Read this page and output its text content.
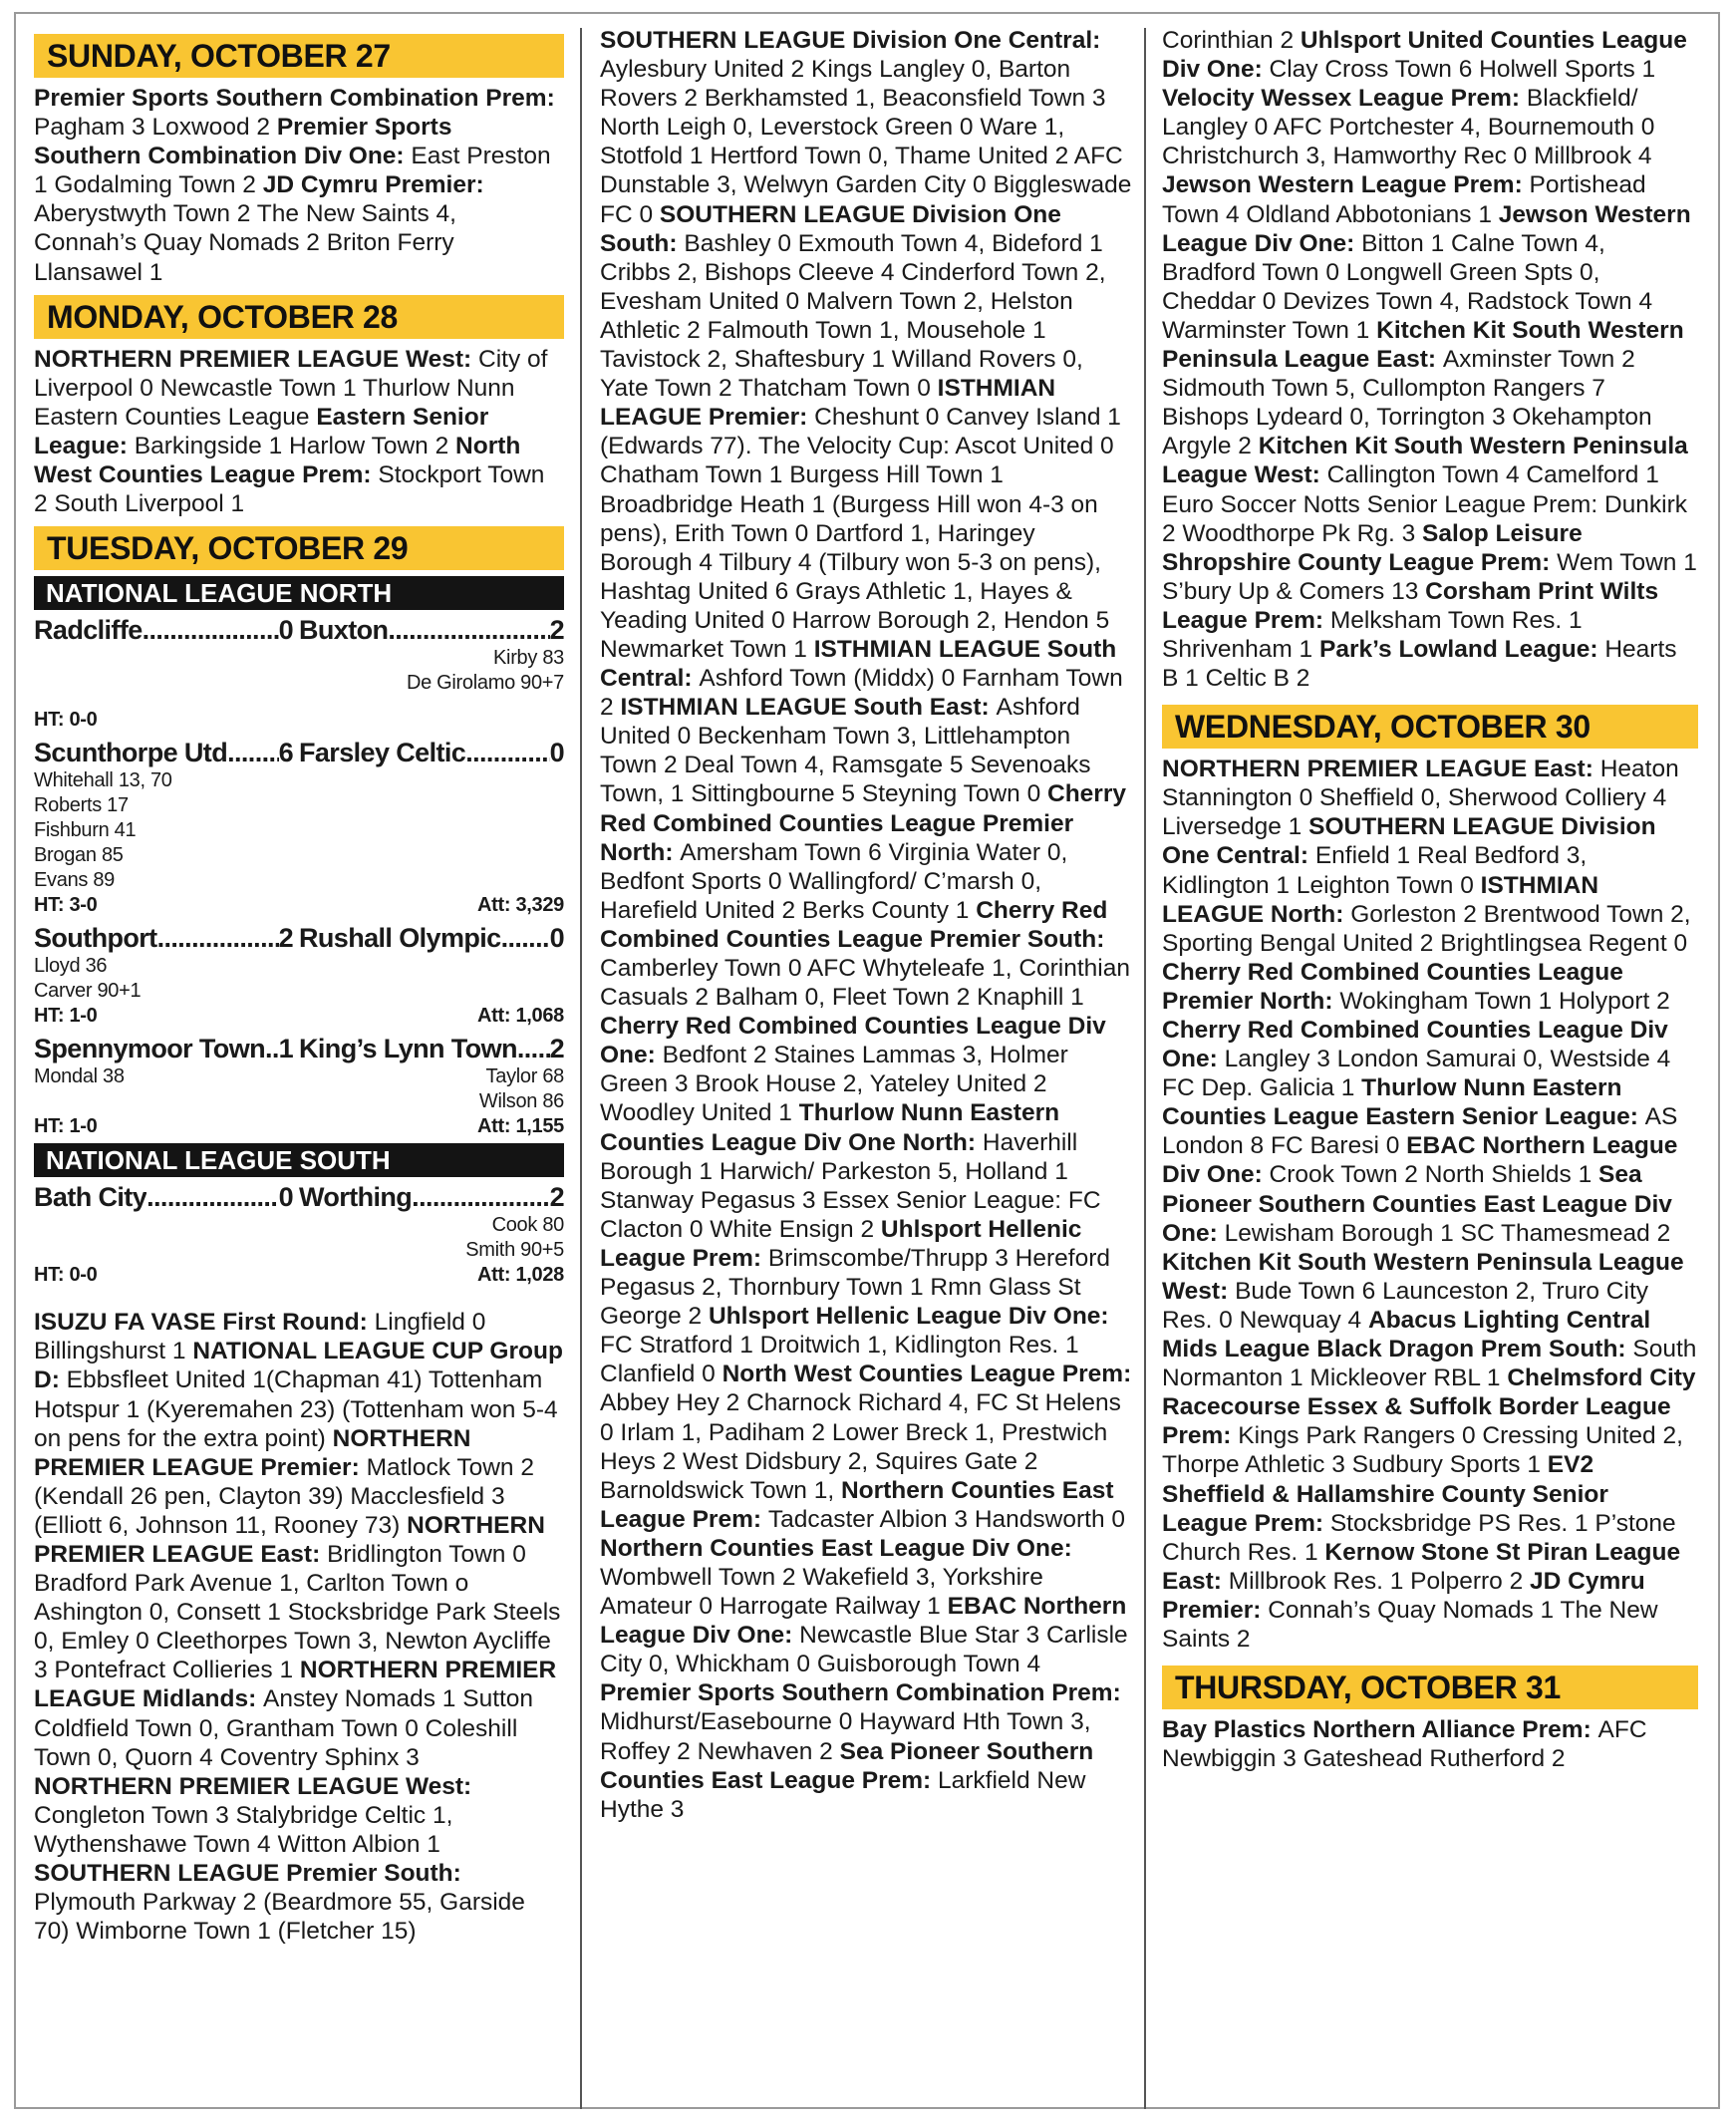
SUNDAY, OCTOBER 27

Premier Sports Southern Combination Prem: Pagham 3 Loxwood 2 Premier Sports Southern Combination Div One: East Preston 1 Godalming Town 2 JD Cymru Premier: Aberystwyth Town 2 The New Saints 4, Connah’s Quay Nomads 2 Briton Ferry Llansawel 1

MONDAY, OCTOBER 28

NORTHERN PREMIER LEAGUE West: City of Liverpool 0 Newcastle Town 1 Thurlow Nunn Eastern Counties League Eastern Senior League: Barkingside 1 Harlow Town 2 North West Counties League Prem: Stockport Town 2 South Liverpool 1

TUESDAY, OCTOBER 29
NATIONAL LEAGUE NORTH
Radcliffe .....	0 Buxton .....	2
Kirby 83
De Girolamo 90+7
HT: 0-0
Scunthorpe Utd ..... 6 Farsley Celtic .....	0
Whitehall 13, 70
Roberts 17
Fishburn 41
Brogan 85
Evans 89
HT: 3-0	Att: 3,329
Southport .....	2 Rushall Olympic ..... 0
Lloyd 36
Carver 90+1
HT: 1-0	Att: 1,068
Spennymoor Town ..... 1 King’s Lynn Town ..... 2
Mondal 38	Taylor 68
Wilson 86
HT: 1-0	Att: 1,155
NATIONAL LEAGUE SOUTH
Bath City .....	0 Worthing .....	2
Cook 80
Smith 90+5
HT: 0-0	Att: 1,028

ISUZU FA VASE First Round: Lingfield 0 Billingshurst 1 NATIONAL LEAGUE CUP Group D: Ebbsfleet United 1(Chapman 41) Tottenham Hotspur 1 (Kyeremahen 23) (Tottenham won 5-4 on pens for the extra point) NORTHERN PREMIER LEAGUE Premier: Matlock Town 2 (Kendall 26 pen, Clayton 39) Macclesfield 3 (Elliott 6, Johnson 11, Rooney 73) NORTHERN PREMIER LEAGUE East: Bridlington Town 0 Bradford Park Avenue 1, Carlton Town o Ashington 0, Consett 1 Stocksbridge Park Steels 0, Emley 0 Cleethorpes Town 3, Newton Aycliffe 3 Pontefract Collieries 1 NORTHERN PREMIER LEAGUE Midlands: Anstey Nomads 1 Sutton Coldfield Town 0, Grantham Town 0 Coleshill Town 0, Quorn 4 Coventry Sphinx 3 NORTHERN PREMIER LEAGUE West: Congleton Town 3 Stalybridge Celtic 1, Wythenshawe Town 4 Witton Albion 1 SOUTHERN LEAGUE Premier South: Plymouth Parkway 2 (Beardmore 55, Garside 70) Wimborne Town 1 (Fletcher 15)

SOUTHERN LEAGUE Division One Central: Aylesbury United 2 Kings Langley 0, Barton Rovers 2 Berkhamsted 1, Beaconsfield Town 3 North Leigh 0, Leverstock Green 0 Ware 1, Stotfold 1 Hertford Town 0, Thame United 2 AFC Dunstable 3, Welwyn Garden City 0 Biggleswade FC 0 SOUTHERN LEAGUE Division One South: Bashley 0 Exmouth Town 4, Bideford 1 Cribbs 2, Bishops Cleeve 4 Cinderford Town 2, Evesham United 0 Malvern Town 2, Helston Athletic 2 Falmouth Town 1, Mousehole 1 Tavistock 2, Shaftesbury 1 Willand Rovers 0, Yate Town 2 Thatcham Town 0 ISTHMIAN LEAGUE Premier: Cheshunt 0 Canvey Island 1 (Edwards 77). The Velocity Cup: Ascot United 0 Chatham Town 1 Burgess Hill Town 1 Broadbridge Heath 1 (Burgess Hill won 4-3 on pens), Erith Town 0 Dartford 1, Haringey Borough 4 Tilbury 4 (Tilbury won 5-3 on pens), Hashtag United 6 Grays Athletic 1, Hayes & Yeading United 0 Harrow Borough 2, Hendon 5 Newmarket Town 1 ISTHMIAN LEAGUE South Central: Ashford Town (Middx) 0 Farnham Town 2 ISTHMIAN LEAGUE South East: Ashford United 0 Beckenham Town 3, Littlehampton Town 2 Deal Town 4, Ramsgate 5 Sevenoaks Town, 1 Sittingbourne 5 Steyning Town 0 Cherry Red Combined Counties League Premier North: Amersham Town 6 Virginia Water 0, Bedfont Sports 0 Wallingford/ C’marsh 0, Harefield United 2 Berks County 1 Cherry Red Combined Counties League Premier South: Camberley Town 0 AFC Whyteleafe 1, Corinthian Casuals 2 Balham 0, Fleet Town 2 Knaphill 1 Cherry Red Combined Counties League Div One: Bedfont 2 Staines Lammas 3, Holmer Green 3 Brook House 2, Yateley United 2 Woodley United 1 Thurlow Nunn Eastern Counties League Div One North: Haverhill Borough 1 Harwich/ Parkeston 5, Holland 1 Stanway Pegasus 3 Essex Senior League: FC Clacton 0 White Ensign 2 Uhlsport Hellenic League Prem: Brimscombe/Thrupp 3 Hereford Pegasus 2, Thornbury Town 1 Rmn Glass St George 2 Uhlsport Hellenic League Div One: FC Stratford 1 Droitwich 1, Kidlington Res. 1 Clanfield 0 North West Counties League Prem: Abbey Hey 2 Charnock Richard 4, FC St Helens 0 Irlam 1, Padiham 2 Lower Breck 1, Prestwich Heys 2 West Didsbury 2, Squires Gate 2 Barnoldswick Town 1, Northern Counties East League Prem: Tadcaster Albion 3 Handsworth 0 Northern Counties East League Div One: Wombwell Town 2 Wakefield 3, Yorkshire Amateur 0 Harrogate Railway 1 EBAC Northern League Div One: Newcastle Blue Star 3 Carlisle City 0, Whickham 0 Guisborough Town 4 Premier Sports Southern Combination Prem: Midhurst/Easebourne 0 Hayward Hth Town 3, Roffey 2 Newhaven 2 Sea Pioneer Southern Counties East League Prem: Larkfield New Hythe 3

Corinthian 2 Uhlsport United Counties League Div One: Clay Cross Town 6 Holwell Sports 1 Velocity Wessex League Prem: Blackfield/ Langley 0 AFC Portchester 4, Bournemouth 0 Christchurch 3, Hamworthy Rec 0 Millbrook 4 Jewson Western League Prem: Portishead Town 4 Oldland Abbotonians 1 Jewson Western League Div One: Bitton 1 Calne Town 4, Bradford Town 0 Longwell Green Spts 0, Cheddar 0 Devizes Town 4, Radstock Town 4 Warminster Town 1 Kitchen Kit South Western Peninsula League East: Axminster Town 2 Sidmouth Town 5, Cullompton Rangers 7 Bishops Lydeard 0, Torrington 3 Okehampton Argyle 2 Kitchen Kit South Western Peninsula League West: Callington Town 4 Camelford 1 Euro Soccer Notts Senior League Prem: Dunkirk 2 Woodthorpe Pk Rg. 3 Salop Leisure Shropshire County League Prem: Wem Town 1 S’bury Up & Comers 13 Corsham Print Wilts League Prem: Melksham Town Res. 1 Shrivenham 1 Park’s Lowland League: Hearts B 1 Celtic B 2

WEDNESDAY, OCTOBER 30

NORTHERN PREMIER LEAGUE East: Heaton Stannington 0 Sheffield 0, Sherwood Colliery 4 Liversedge 1 SOUTHERN LEAGUE Division One Central: Enfield 1 Real Bedford 3, Kidlington 1 Leighton Town 0 ISTHMIAN LEAGUE North: Gorleston 2 Brentwood Town 2, Sporting Bengal United 2 Brightlingsea Regent 0 Cherry Red Combined Counties League Premier North: Wokingham Town 1 Holyport 2 Cherry Red Combined Counties League Div One: Langley 3 London Samurai 0, Westside 4 FC Dep. Galicia 1 Thurlow Nunn Eastern Counties League Eastern Senior League: AS London 8 FC Baresi 0 EBAC Northern League Div One: Crook Town 2 North Shields 1 Sea Pioneer Southern Counties East League Div One: Lewisham Borough 1 SC Thamesmead 2 Kitchen Kit South Western Peninsula League West: Bude Town 6 Launceston 2, Truro City Res. 0 Newquay 4 Abacus Lighting Central Mids League Black Dragon Prem South: South Normanton 1 Mickleover RBL 1 Chelmsford City Racecourse Essex & Suffolk Border League Prem: Kings Park Rangers 0 Cressing United 2, Thorpe Athletic 3 Sudbury Sports 1 EV2 Sheffield & Hallamshire County Senior League Prem: Stocksbridge PS Res. 1 P’stone Church Res. 1 Kernow Stone St Piran League East: Millbrook Res. 1 Polperro 2 JD Cymru Premier: Connah’s Quay Nomads 1 The New Saints 2

THURSDAY, OCTOBER 31

Bay Plastics Northern Alliance Prem: AFC Newbiggin 3 Gateshead Rutherford 2
